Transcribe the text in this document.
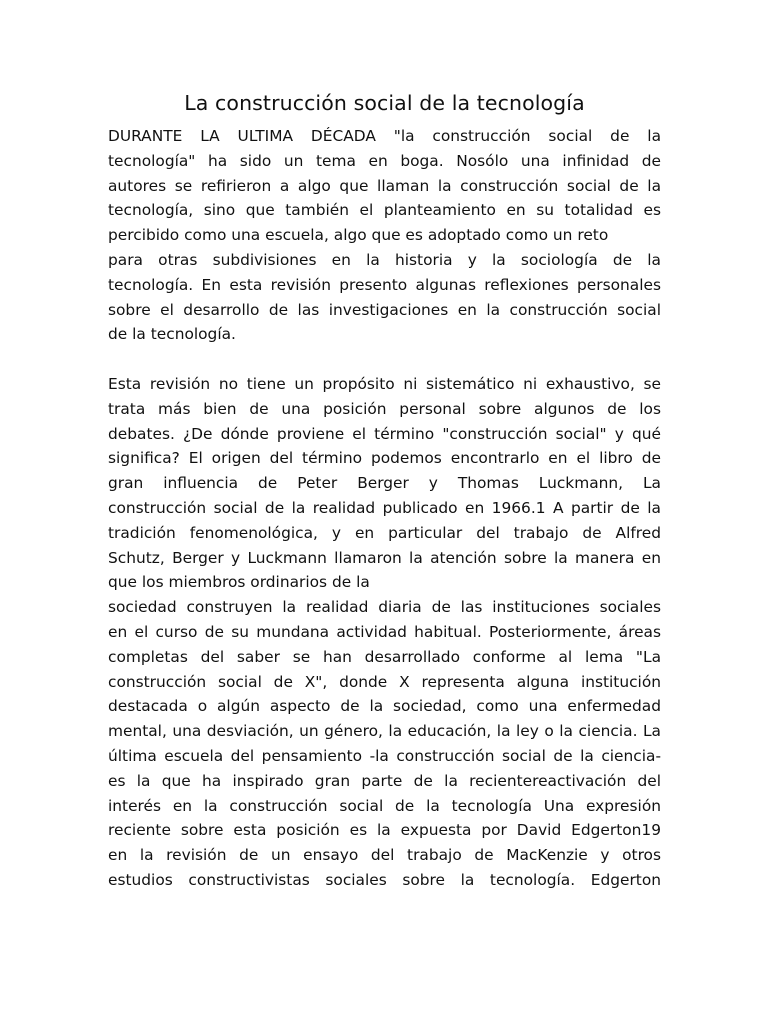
La construcción social de la tecnología
DURANTE LA ULTIMA DÉCADA "la construcción social de la
tecnología" ha sido un tema en boga. Nosólo una infinidad de
autores se refirieron a algo que llaman la construcción social de la
tecnología, sino que también el planteamiento en su totalidad es
percibido como una escuela, algo que es adoptado como un reto
para otras subdivisiones en la historia y la sociología de la
tecnología. En esta revisión presento algunas reflexiones personales
sobre el desarrollo de las investigaciones en la construcción social
de la tecnología.
Esta revisión no tiene un propósito ni sistemático ni exhaustivo, se
trata más bien de una posición personal sobre algunos de los
debates. ¿De dónde proviene el término "construcción social" y qué
significa? El origen del término podemos encontrarlo en el libro de
gran influencia de Peter Berger y Thomas Luckmann, La
construcción social de la realidad publicado en 1966.1 A partir de la
tradición fenomenológica, y en particular del trabajo de Alfred
Schutz, Berger y Luckmann llamaron la atención sobre la manera en
que los miembros ordinarios de la
sociedad construyen la realidad diaria de las instituciones sociales
en el curso de su mundana actividad habitual. Posteriormente, áreas
completas del saber se han desarrollado conforme al lema "La
construcción social de X", donde X representa alguna institución
destacada o algún aspecto de la sociedad, como una enfermedad
mental, una desviación, un género, la educación, la ley o la ciencia. La
última escuela del pensamiento -la construcción social de la ciencia-
es la que ha inspirado gran parte de la recientereactivación del
interés en la construcción social de la tecnología Una expresión
reciente sobre esta posición es la expuesta por David Edgerton19
en la revisión de un ensayo del trabajo de MacKenzie y otros
estudios constructivistas sociales sobre la tecnología. Edgerton
